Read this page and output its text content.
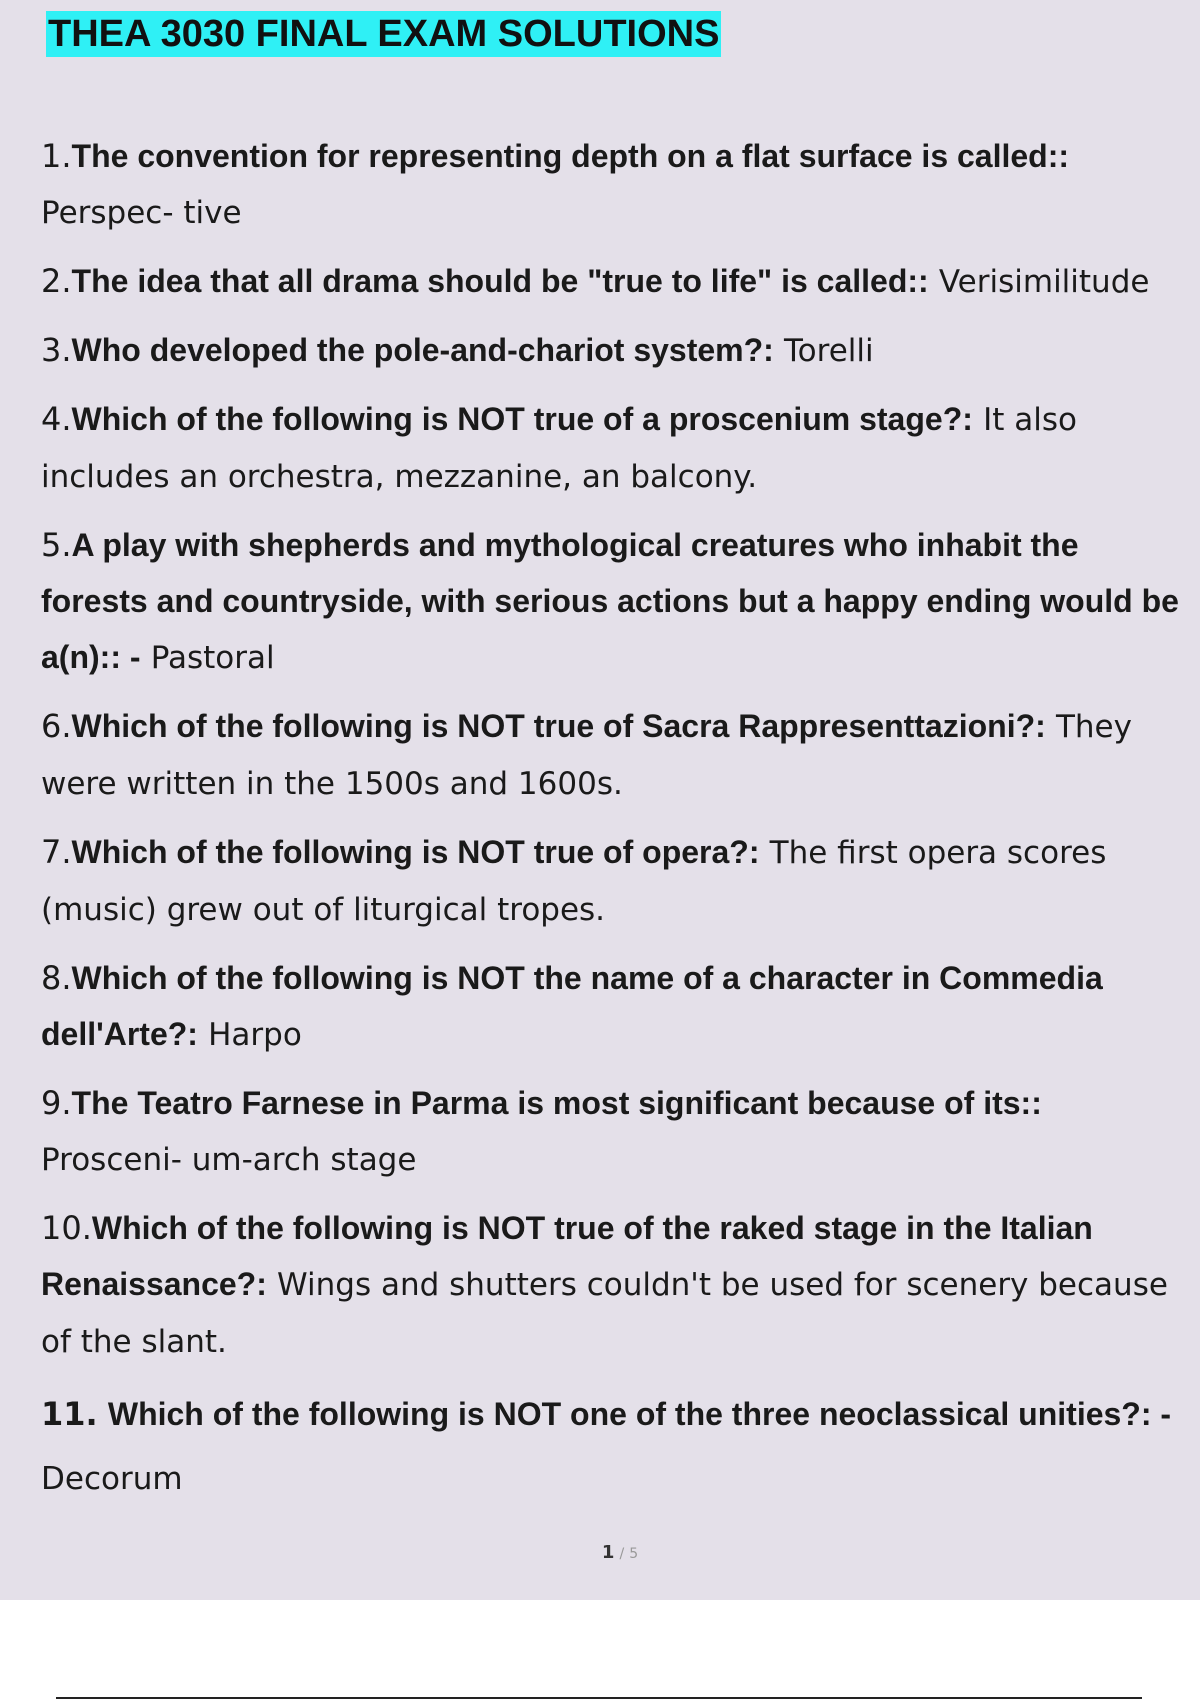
THEA 3030 FINAL EXAM SOLUTIONS
1.The convention for representing depth on a flat surface is called:: Perspec- tive
2.The idea that all drama should be "true to life" is called:: Verisimilitude
3.Who developed the pole-and-chariot system?: Torelli
4.Which of the following is NOT true of a proscenium stage?: It also includes an orchestra, mezzanine, an balcony.
5.A play with shepherds and mythological creatures who inhabit the forests and countryside, with serious actions but a happy ending would be a(n):: - Pastoral
6.Which of the following is NOT true of Sacra Rappresenttazioni?: They were written in the 1500s and 1600s.
7.Which of the following is NOT true of opera?: The first opera scores (music) grew out of liturgical tropes.
8.Which of the following is NOT the name of a character in Commedia dell'Arte?: Harpo
9.The Teatro Farnese in Parma is most significant because of its:: Prosceni- um-arch stage
10.Which of the following is NOT true of the raked stage in the Italian Renaissance?: Wings and shutters couldn't be used for scenery because of the slant.
11. Which of the following is NOT one of the three neoclassical unities?: -
Decorum
1 / 5
